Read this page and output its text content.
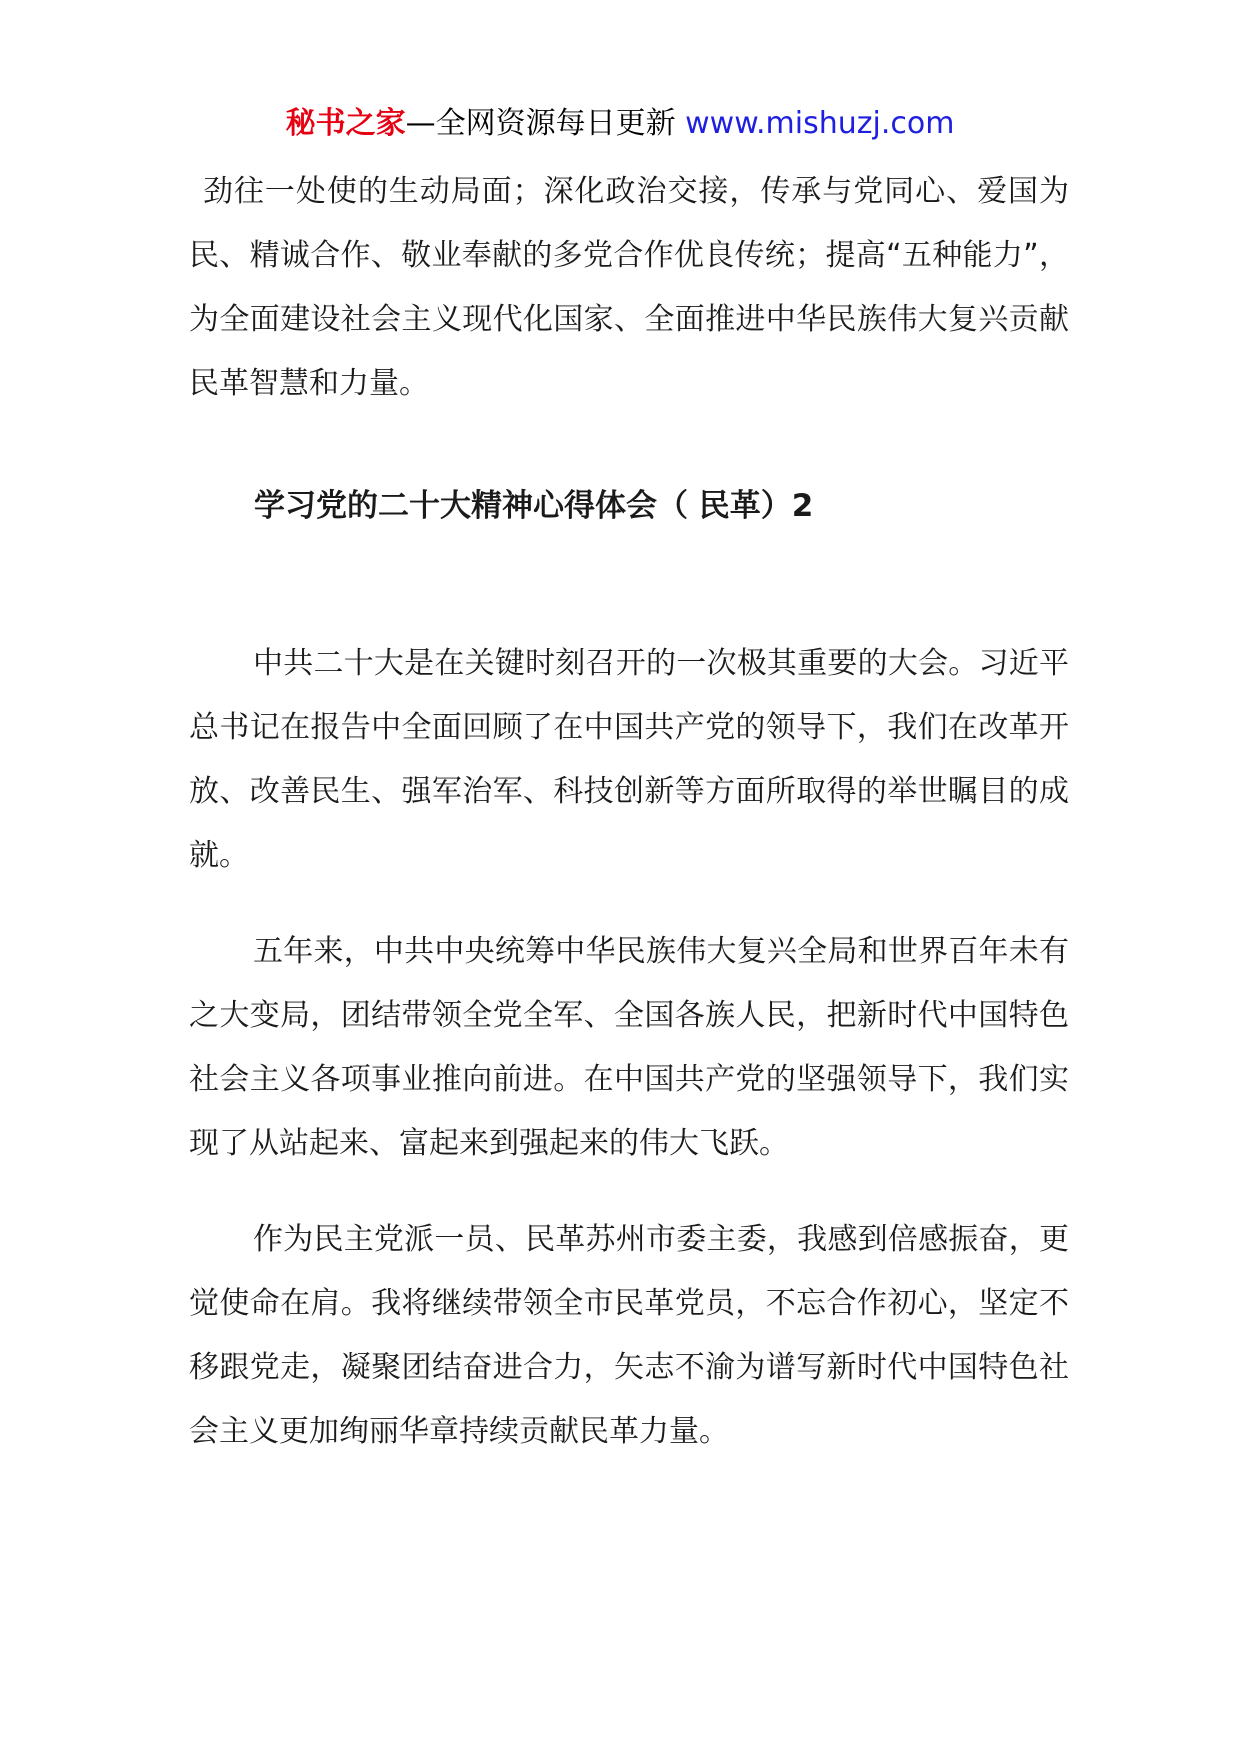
秘书之家—全网资源每日更新 www.mishuzj.com

劲往一处使的生动局面；深化政治交接，传承与党同心、爱国为民、精诚合作、敬业奉献的多党合作优良传统；提高“五种能力”，为全面建设社会主义现代化国家、全面推进中华民族伟大复兴贡献民革智慧和力量。

学习党的二十大精神心得体会（ 民革）2

中共二十大是在关键时刻召开的一次极其重要的大会。习近平总书记在报告中全面回顾了在中国共产党的领导下，我们在改革开放、改善民生、强军治军、科技创新等方面所取得的举世瞩目的成就。

五年来，中共中央统筹中华民族伟大复兴全局和世界百年未有之大变局，团结带领全党全军、全国各族人民，把新时代中国特色社会主义各项事业推向前进。在中国共产党的坚强领导下，我们实现了从站起来、富起来到强起来的伟大飞跃。

作为民主党派一员、民革苏州市委主委，我感到倍感振奋，更觉使命在肩。我将继续带领全市民革党员，不忘合作初心，坚定不移跟党走，凝聚团结奋进合力，矢志不渝为谱写新时代中国特色社会主义更加绚丽华章持续贡献民革力量。
